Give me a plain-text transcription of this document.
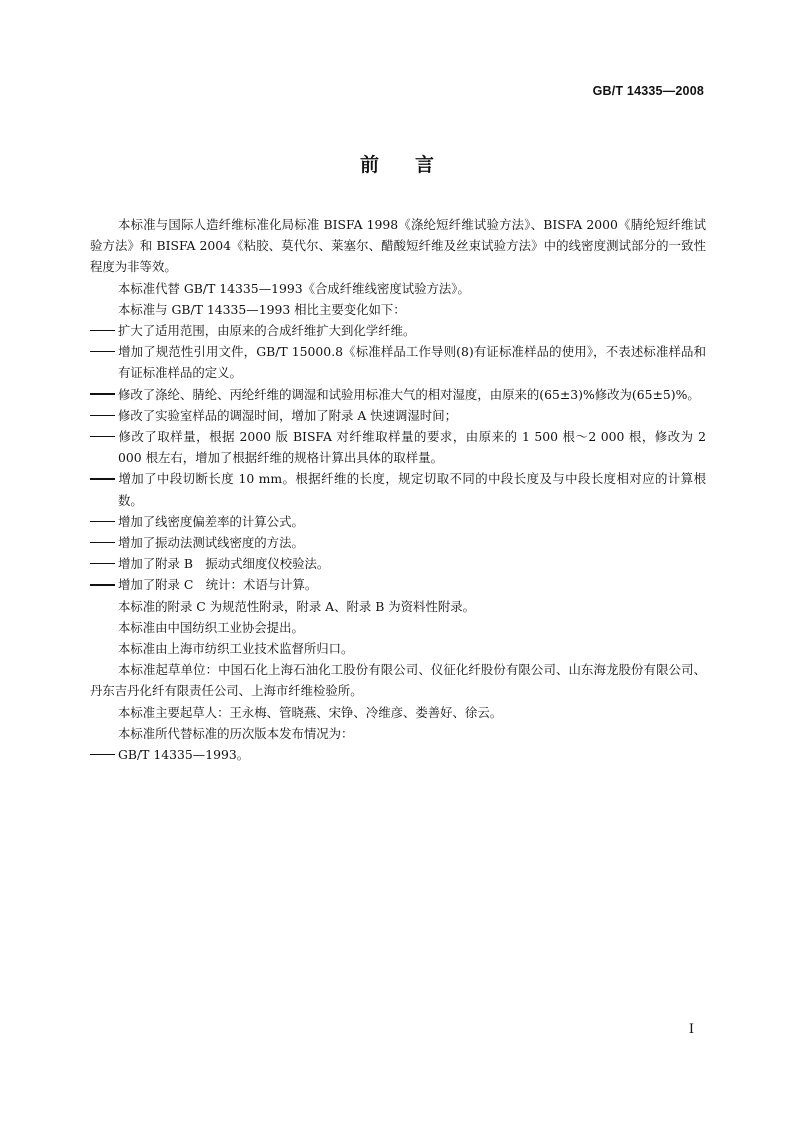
GB/T 14335—2008
前言

本标准与国际人造纤维标准化局标准 BISFA 1998《涤纶短纤维试验方法》、BISFA 2000《腈纶短纤维试验方法》和 BISFA 2004《粘胶、莫代尔、莱塞尔、醋酸短纤维及丝束试验方法》中的线密度测试部分的一致性程度为非等效。

本标准代替 GB/T 14335—1993《合成纤维线密度试验方法》。

本标准与 GB/T 14335—1993 相比主要变化如下：

扩大了适用范围，由原来的合成纤维扩大到化学纤维。

增加了规范性引用文件，GB/T 15000.8《标准样品工作导则(8)有证标准样品的使用》，不表述标准样品和有证标准样品的定义。

修改了涤纶、腈纶、丙纶纤维的调湿和试验用标准大气的相对湿度，由原来的(65±3)%修改为(65±5)%。

修改了实验室样品的调湿时间，增加了附录 A 快速调湿时间；

修改了取样量，根据 2000 版 BISFA 对纤维取样量的要求，由原来的 1 500 根～2 000 根，修改为 2 000 根左右，增加了根据纤维的规格计算出具体的取样量。

增加了中段切断长度 10 mm。根据纤维的长度，规定切取不同的中段长度及与中段长度相对应的计算根数。

增加了线密度偏差率的计算公式。

增加了振动法测试线密度的方法。

增加了附录 B　振动式细度仪校验法。

增加了附录 C　统计：术语与计算。

本标准的附录 C 为规范性附录，附录 A、附录 B 为资料性附录。

本标准由中国纺织工业协会提出。

本标准由上海市纺织工业技术监督所归口。

本标准起草单位：中国石化上海石油化工股份有限公司、仪征化纤股份有限公司、山东海龙股份有限公司、丹东吉丹化纤有限责任公司、上海市纤维检验所。

本标准主要起草人：王永梅、管晓燕、宋铮、冷维彦、娄善好、徐云。

本标准所代替标准的历次版本发布情况为：

GB/T 14335—1993。

I
